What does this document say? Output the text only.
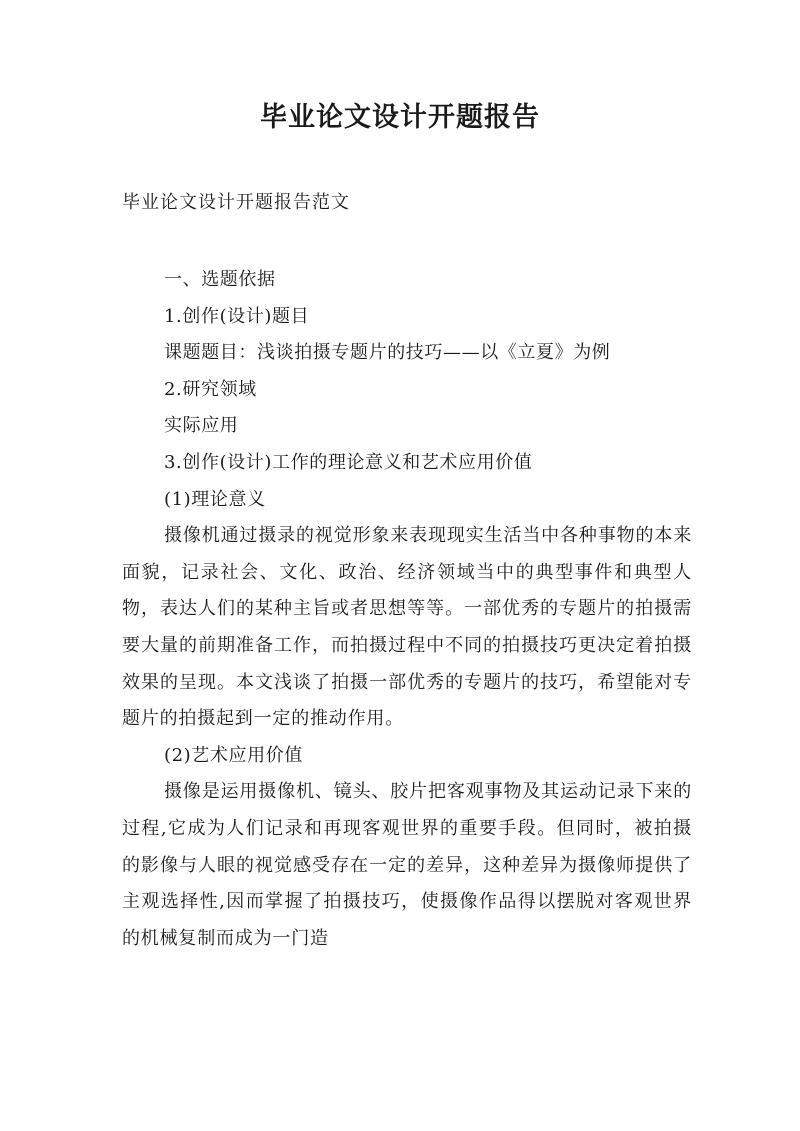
毕业论文设计开题报告

毕业论文设计开题报告范文

一、选题依据

1.创作(设计)题目

课题题目：浅谈拍摄专题片的技巧——以《立夏》为例

2.研究领域

实际应用

3.创作(设计)工作的理论意义和艺术应用价值

(1)理论意义

摄像机通过摄录的视觉形象来表现现实生活当中各种事物的本来面貌，记录社会、文化、政治、经济领域当中的典型事件和典型人物，表达人们的某种主旨或者思想等等。一部优秀的专题片的拍摄需要大量的前期准备工作，而拍摄过程中不同的拍摄技巧更决定着拍摄效果的呈现。本文浅谈了拍摄一部优秀的专题片的技巧，希望能对专题片的拍摄起到一定的推动作用。

(2)艺术应用价值

摄像是运用摄像机、镜头、胶片把客观事物及其运动记录下来的过程,它成为人们记录和再现客观世界的重要手段。但同时，被拍摄的影像与人眼的视觉感受存在一定的差异，这种差异为摄像师提供了主观选择性,因而掌握了拍摄技巧，使摄像作品得以摆脱对客观世界的机械复制而成为一门造
